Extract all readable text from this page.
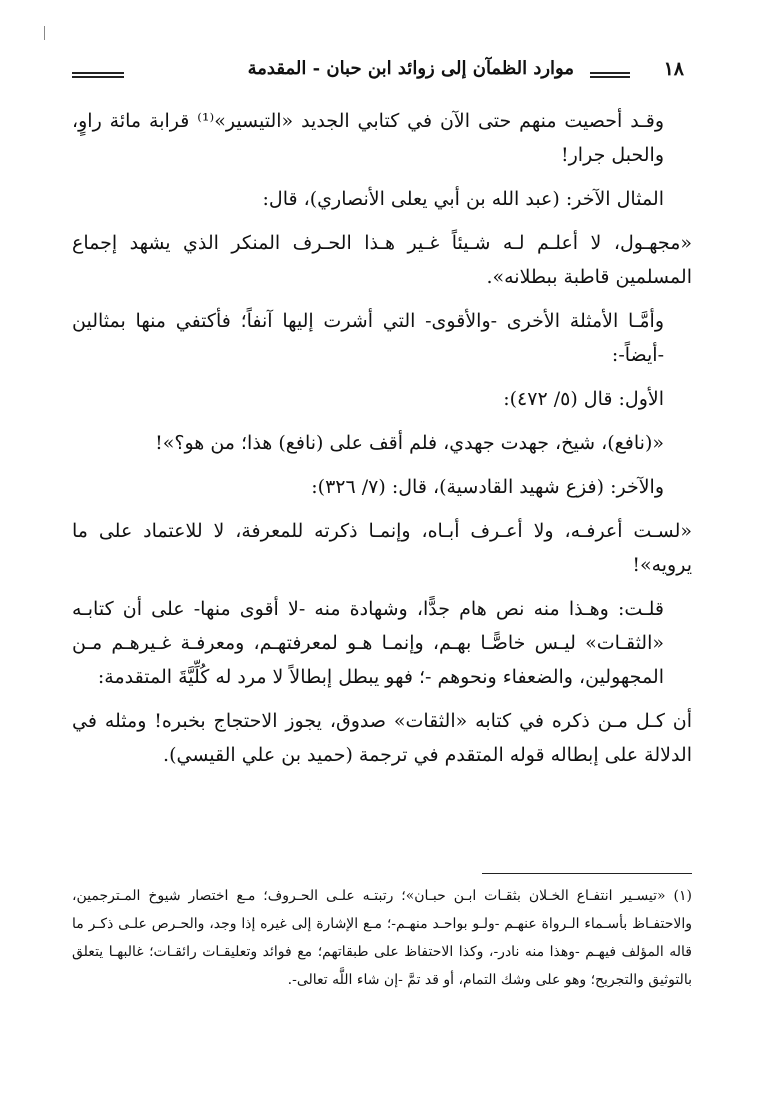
١٨
موارد الظمآن إلى زوائد ابن حبان - المقدمة

وقـد أحصيت منهم حتى الآن في كتابي الجديد «التيسير»⁽¹⁾ قرابة مائة راوٍ، والحبل جرار!

المثال الآخر: (عبد الله بن أبي يعلى الأنصاري)، قال:

«مجهـول، لا أعلـم لـه شـيئاً غـير هـذا الحـرف المنكر الذي يشهد إجماع المسلمين قاطبة ببطلانه».

وأمَّـا الأمثلة الأخرى -والأقوى- التي أشرت إليها آنفاً؛ فأكتفي منها بمثالين -أيضاً-:

الأول: قال (٥/ ٤٧٢):

«(نافع)، شيخ، جهدت جهدي، فلم أقف على (نافع) هذا؛ من هو؟»!

والآخر: (فزع شهيد القادسية)، قال: (٧/ ٣٢٦):

«لسـت أعرفـه، ولا أعـرف أبـاه، وإنمـا ذكرته للمعرفة، لا للاعتماد على ما يرويه»!

قلـت: وهـذا منه نص هام جدًّا، وشهادة منه -لا أقوى منها- على أن كتابـه «الثقـات» ليـس خاصًّـا بهـم، وإنمـا هـو لمعرفتهـم، ومعرفـة غـيرهـم مـن المجهولين، والضعفاء ونحوهم -؛ فهو يبطل إبطالاً لا مرد له كُلِّيَّةَ المتقدمة:

أن كـل مـن ذكره في كتابه «الثقات» صدوق، يجوز الاحتجاج بخبره! ومثله في الدلالة على إبطاله قوله المتقدم في ترجمة (حميد بن علي القيسي).

(١) «تيسـير انتفـاع الخـلان بثقـات ابـن حبـان»؛ رتبتـه علـى الحـروف؛ مـع اختصار شيوخ المـترجمين، والاحتفـاظ بأسـماء الـرواة عنهـم -ولـو بواحـد منهـم-؛ مـع الإشارة إلى غيره إذا وجد، والحـرص علـى ذكـر ما قاله المؤلف فيهـم -وهذا منه نادر-، وكذا الاحتفاظ على طبقاتهم؛ مع فوائد وتعليقـات رائقـات؛ غالبهـا يتعلق بالتوثيق والتجريح؛ وهو على وشك التمام، أو قد تمَّ -إن شاء اللَّه تعالى-.
